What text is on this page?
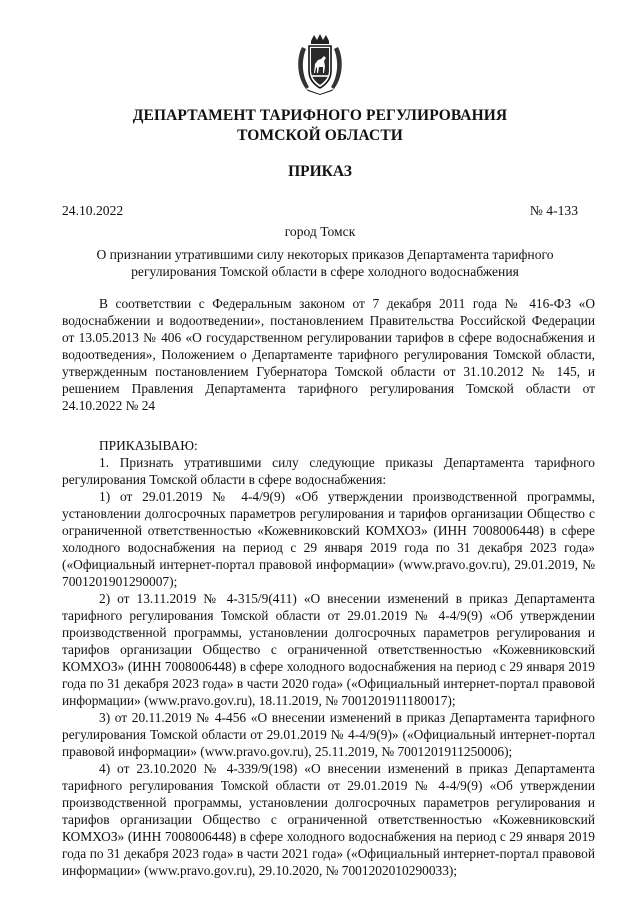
ДЕПАРТАМЕНТ ТАРИФНОГО РЕГУЛИРОВАНИЯ
ТОМСКОЙ ОБЛАСТИ
ПРИКАЗ
24.10.2022	№ 4-133
город Томск
О признании утратившими силу некоторых приказов Департамента тарифного регулирования Томской области в сфере холодного водоснабжения

В соответствии с Федеральным законом от 7 декабря 2011 года № 416-ФЗ «О водоснабжении и водоотведении», постановлением Правительства Российской Федерации от 13.05.2013 № 406 «О государственном регулировании тарифов в сфере водоснабжения и водоотведения», Положением о Департаменте тарифного регулирования Томской области, утвержденным постановлением Губернатора Томской области от 31.10.2012 № 145, и решением Правления Департамента тарифного регулирования Томской области от 24.10.2022 № 24

ПРИКАЗЫВАЮ:

1. Признать утратившими силу следующие приказы Департамента тарифного регулирования Томской области в сфере водоснабжения:

1) от 29.01.2019 № 4-4/9(9) «Об утверждении производственной программы, установлении долгосрочных параметров регулирования и тарифов организации Общество с ограниченной ответственностью «Кожевниковский КОМХОЗ» (ИНН 7008006448) в сфере холодного водоснабжения на период с 29 января 2019 года по 31 декабря 2023 года» («Официальный интернет-портал правовой информации» (www.pravo.gov.ru), 29.01.2019, № 7001201901290007);

2) от 13.11.2019 № 4-315/9(411) «О внесении изменений в приказ Департамента тарифного регулирования Томской области от 29.01.2019 № 4-4/9(9) «Об утверждении производственной программы, установлении долгосрочных параметров регулирования и тарифов организации Общество с ограниченной ответственностью «Кожевниковский КОМХОЗ» (ИНН 7008006448) в сфере холодного водоснабжения на период с 29 января 2019 года по 31 декабря 2023 года» в части 2020 года» («Официальный интернет-портал правовой информации» (www.pravo.gov.ru), 18.11.2019, № 7001201911180017);

3) от 20.11.2019 № 4-456 «О внесении изменений в приказ Департамента тарифного регулирования Томской области от 29.01.2019 № 4-4/9(9)» («Официальный интернет-портал правовой информации» (www.pravo.gov.ru), 25.11.2019, № 7001201911250006);

4) от 23.10.2020 № 4-339/9(198) «О внесении изменений в приказ Департамента тарифного регулирования Томской области от 29.01.2019 № 4-4/9(9) «Об утверждении производственной программы, установлении долгосрочных параметров регулирования и тарифов организации Общество с ограниченной ответственностью «Кожевниковский КОМХОЗ» (ИНН 7008006448) в сфере холодного водоснабжения на период с 29 января 2019 года по 31 декабря 2023 года» в части 2021 года» («Официальный интернет-портал правовой информации» (www.pravo.gov.ru), 29.10.2020, № 7001202010290033);
